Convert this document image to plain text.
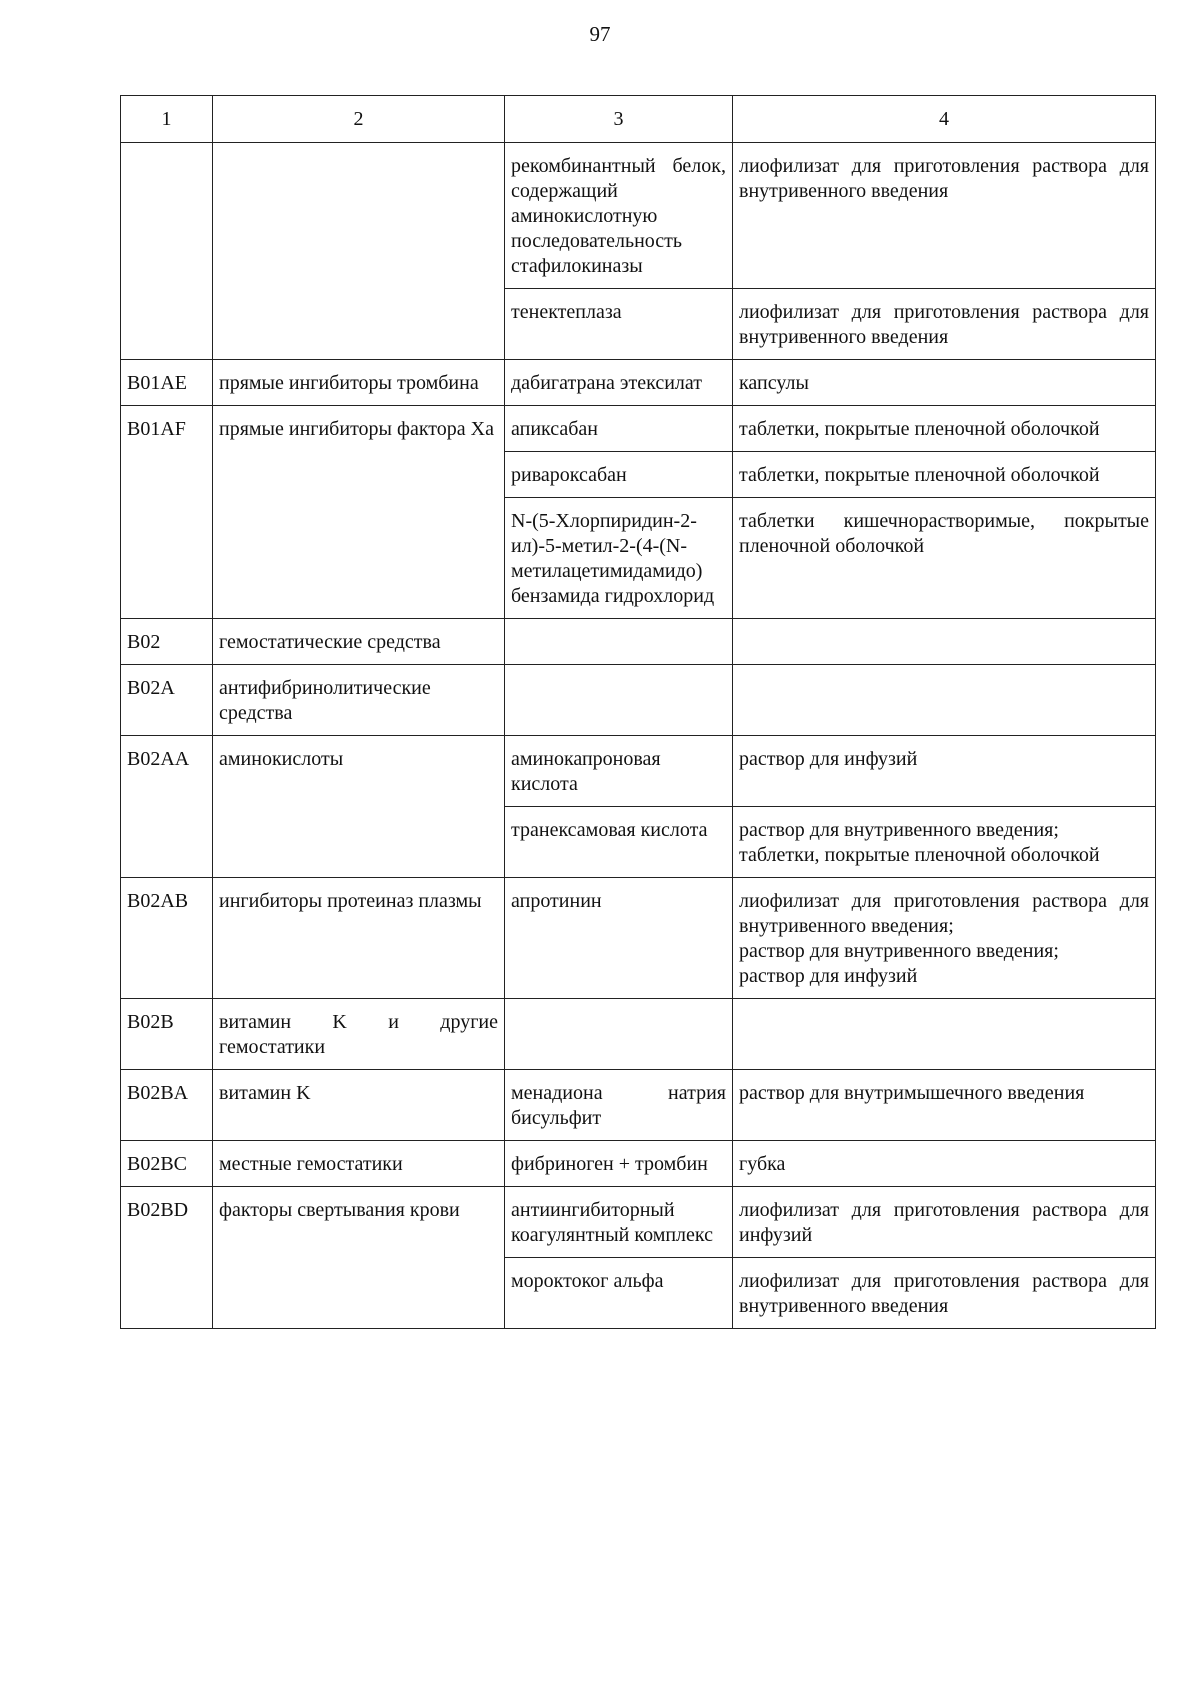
97
1	2	3	4
		рекомбинантный белок, содержащий аминокислотную последовательность стафилокиназы	лиофилизат для приготовления раствора для внутривенного введения

		тенектеплаза	лиофилизат для приготовления раствора для внутривенного введения

B01AE	прямые ингибиторы тромбина	дабигатрана этексилат	капсулы

B01AF	прямые ингибиторы фактора Xa	апиксабан	таблетки, покрытые пленочной оболочкой

		ривароксабан	таблетки, покрытые пленочной оболочкой

		N-(5-Хлорпиридин-2-ил)-5-метил-2-(4-(N-метилацетимидамидо) бензамида гидрохлорид	таблетки кишечнорастворимые, покрытые пленочной оболочкой

B02	гемостатические средства		
B02A	антифибринолитические средства		
B02AA	аминокислоты	аминокапроновая кислота	раствор для инфузий

		транексамовая кислота	раствор для внутривенного введения;
таблетки, покрытые пленочной оболочкой

B02AB	ингибиторы протеиназ плазмы	апротинин	лиофилизат для приготовления раствора для внутривенного введения;
раствор для внутривенного введения;
раствор для инфузий

B02B	витамин K и другие гемостатики		
B02BA	витамин K	менадиона натрия бисульфит	раствор для внутримышечного введения

B02BC	местные гемостатики	фибриноген + тромбин	губка

B02BD	факторы свертывания крови	антиингибиторный коагулянтный комплекс	лиофилизат для приготовления раствора для инфузий

		мороктоког альфа	лиофилизат для приготовления раствора для внутривенного введения
